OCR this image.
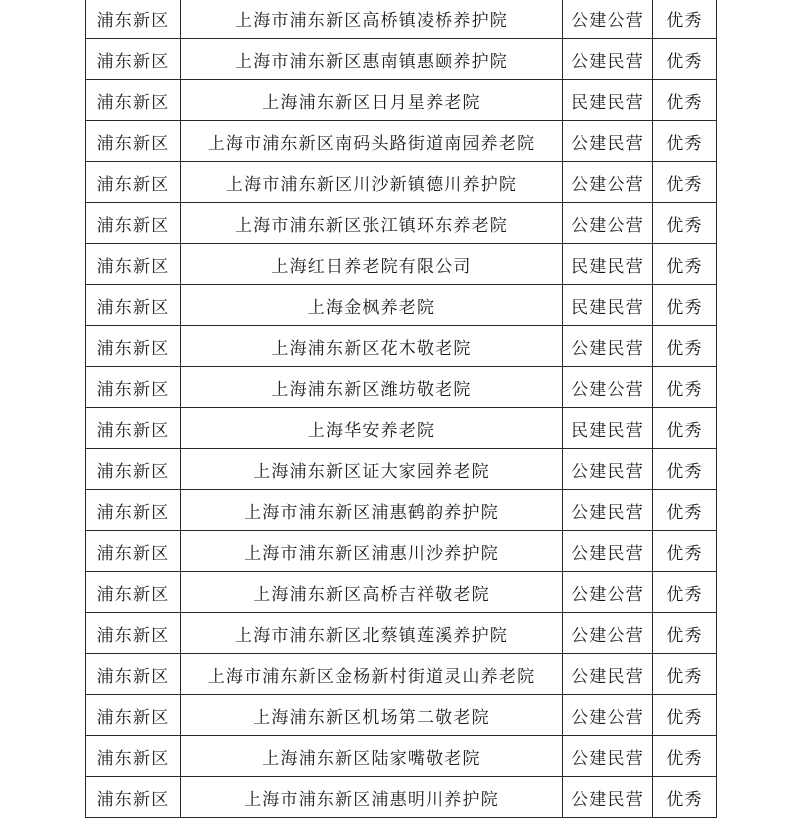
浦东新区	上海市浦东新区高桥镇凌桥养护院	公建公营	优秀
浦东新区	上海市浦东新区惠南镇惠颐养护院	公建民营	优秀
浦东新区	上海浦东新区日月星养老院	民建民营	优秀
浦东新区	上海市浦东新区南码头路街道南园养老院	公建民营	优秀
浦东新区	上海市浦东新区川沙新镇德川养护院	公建公营	优秀
浦东新区	上海市浦东新区张江镇环东养老院	公建公营	优秀
浦东新区	上海红日养老院有限公司	民建民营	优秀
浦东新区	上海金枫养老院	民建民营	优秀
浦东新区	上海浦东新区花木敬老院	公建民营	优秀
浦东新区	上海浦东新区潍坊敬老院	公建公营	优秀
浦东新区	上海华安养老院	民建民营	优秀
浦东新区	上海浦东新区证大家园养老院	公建民营	优秀
浦东新区	上海市浦东新区浦惠鹤韵养护院	公建民营	优秀
浦东新区	上海市浦东新区浦惠川沙养护院	公建民营	优秀
浦东新区	上海浦东新区高桥吉祥敬老院	公建公营	优秀
浦东新区	上海市浦东新区北蔡镇莲溪养护院	公建公营	优秀
浦东新区	上海市浦东新区金杨新村街道灵山养老院	公建民营	优秀
浦东新区	上海浦东新区机场第二敬老院	公建公营	优秀
浦东新区	上海浦东新区陆家嘴敬老院	公建民营	优秀
浦东新区	上海市浦东新区浦惠明川养护院	公建民营	优秀
